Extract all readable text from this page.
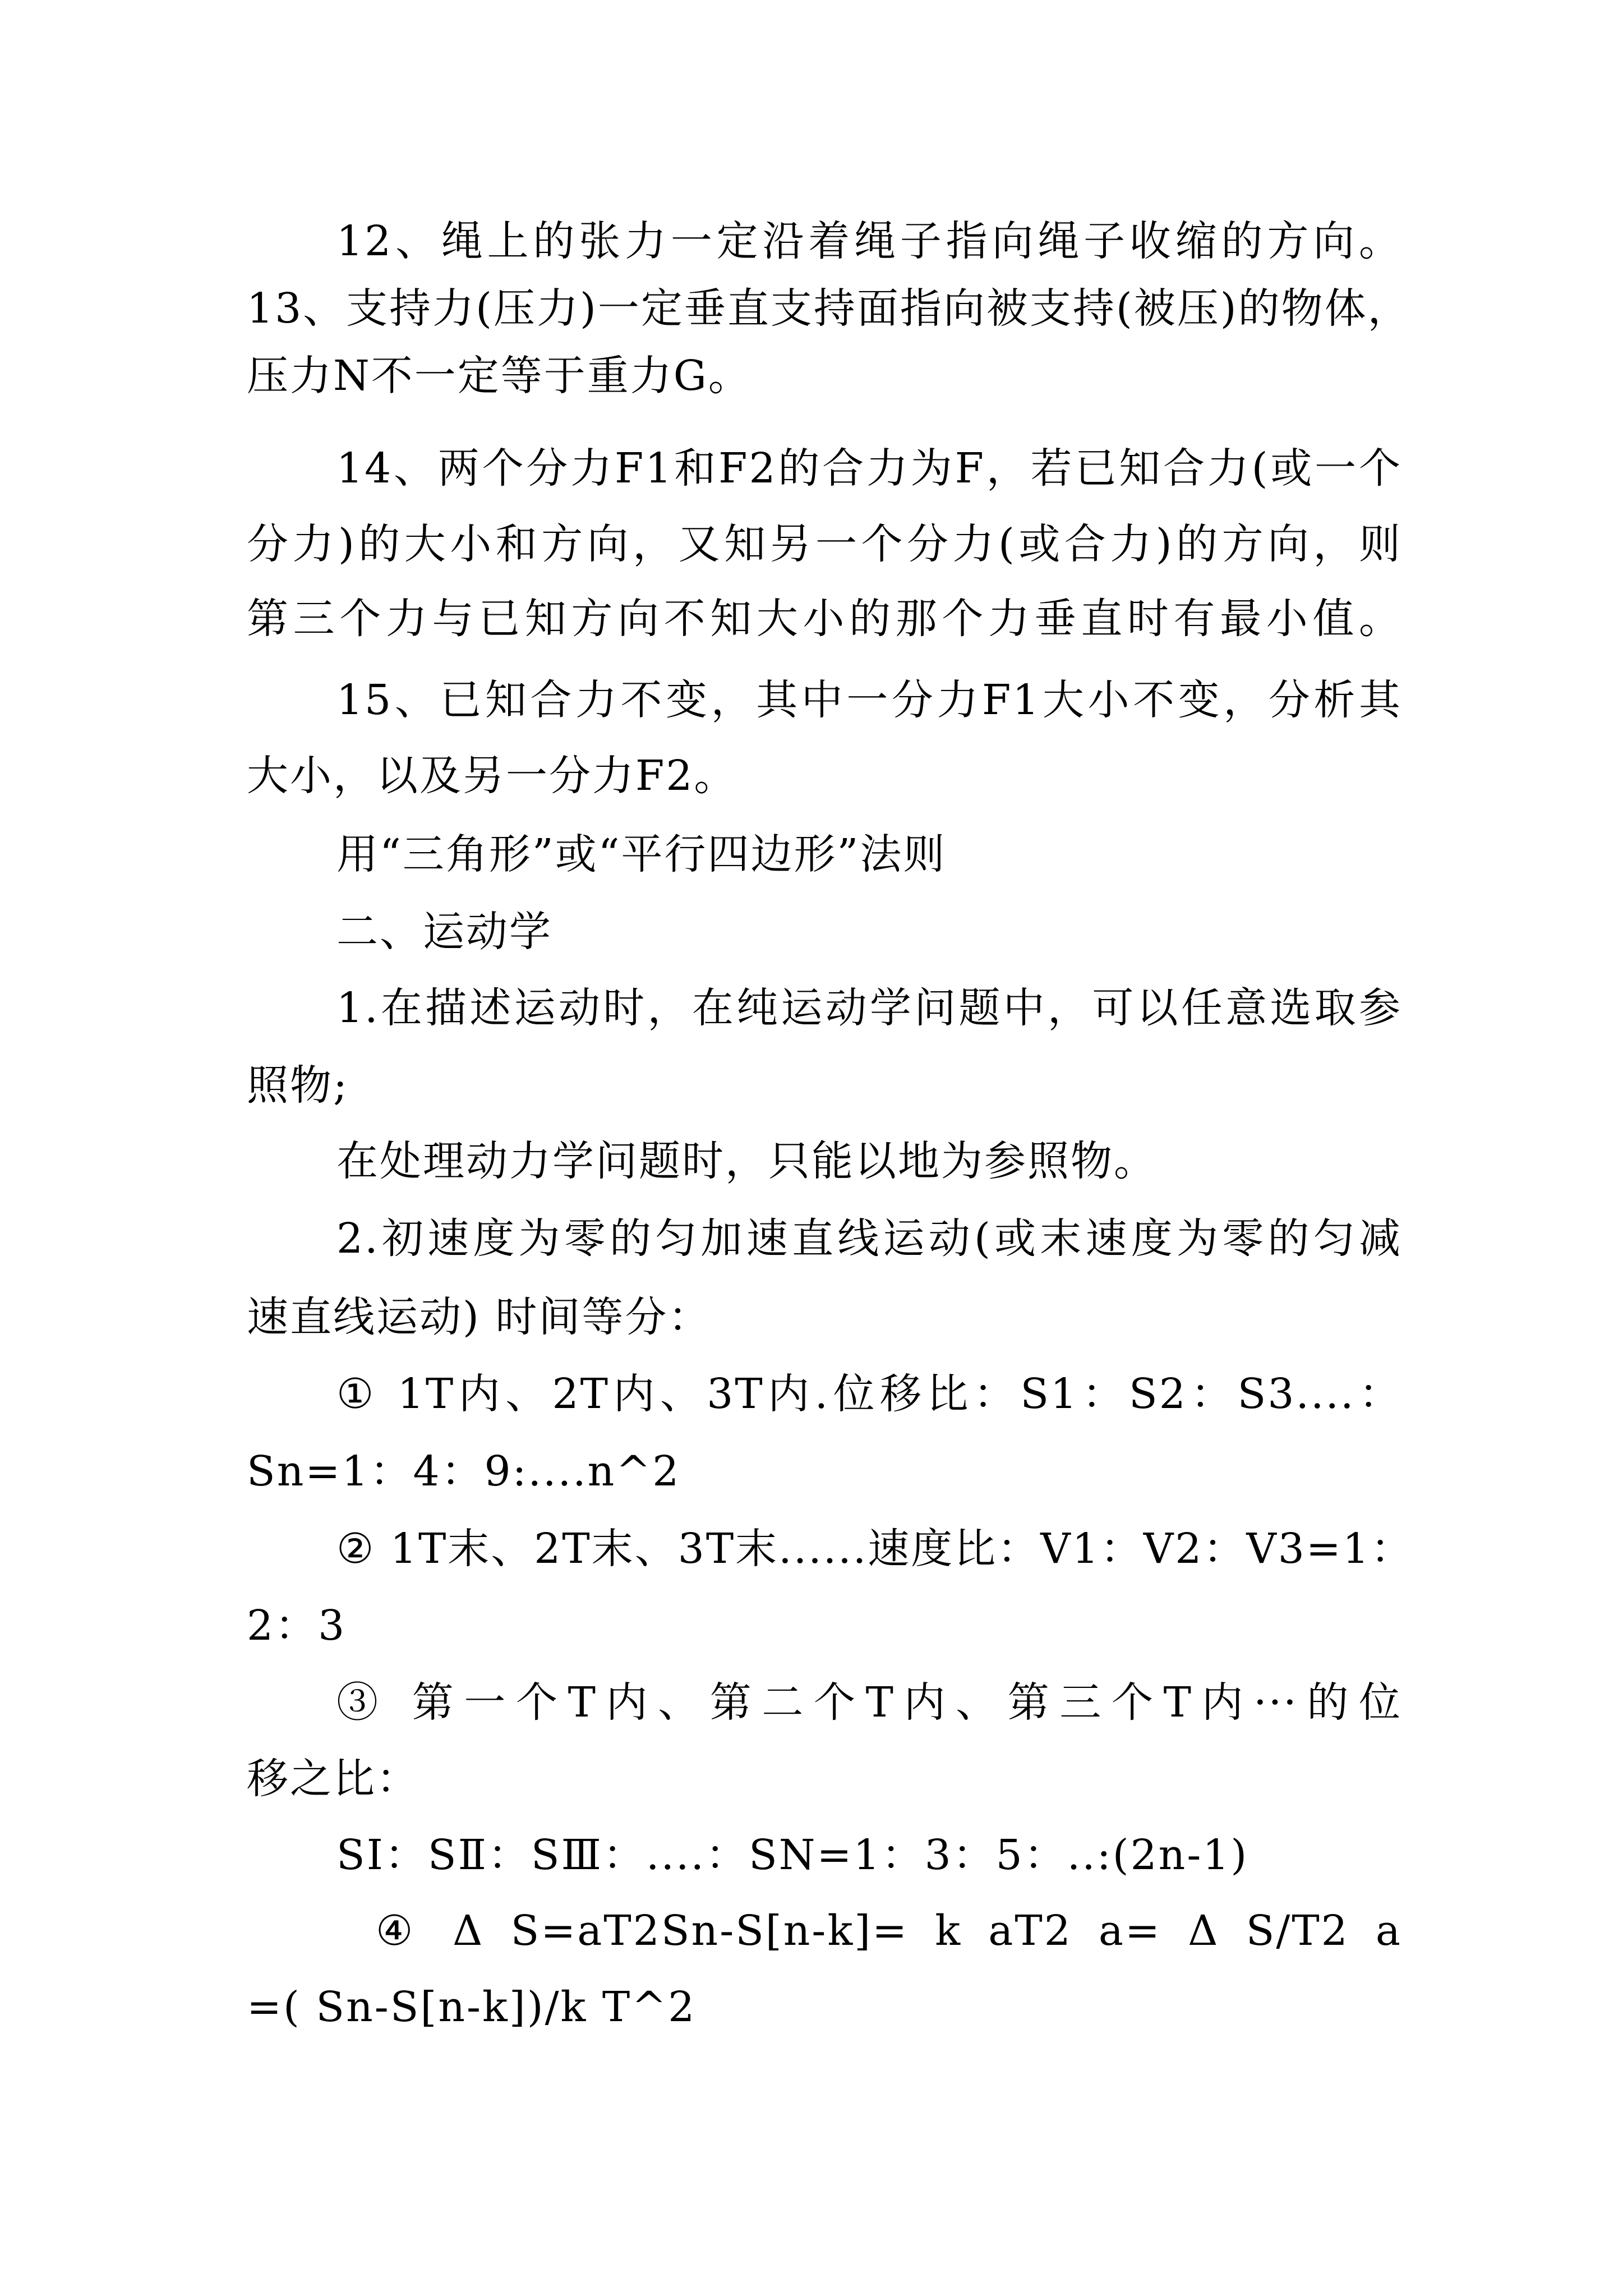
12、绳上的张力一定沿着绳子指向绳子收缩的方向。
13、支持力(压力)一定垂直支持面指向被支持(被压)的物体，
压力N不一定等于重力G。
14、两个分力F1和F2的合力为F，若已知合力(或一个
分力)的大小和方向，又知另一个分力(或合力)的方向，则
第三个力与已知方向不知大小的那个力垂直时有最小值。
15、已知合力不变，其中一分力F1大小不变，分析其
大小，以及另一分力F2。
用“三角形”或“平行四边形”法则
二、运动学
1.在描述运动时，在纯运动学问题中，可以任意选取参
照物;
在处理动力学问题时，只能以地为参照物。
2.初速度为零的匀加速直线运动(或末速度为零的匀减
速直线运动) 时间等分：
① 1T内、2T内、3T内.位移比：S1：S2：S3....：
Sn=1：4：9:....n^2
② 1T末、2T末、3T末......速度比：V1：V2：V3=1：
2：3
③ 第一个T内、第二个T内、第三个T内···的位
移之比：
SⅠ：SⅡ：SⅢ：....：SN=1：3：5：..:(2n-1)
④ Δ S=aT2Sn-S[n-k]= k aT2 a= Δ S/T2 a
=( Sn-S[n-k])/k T^2
